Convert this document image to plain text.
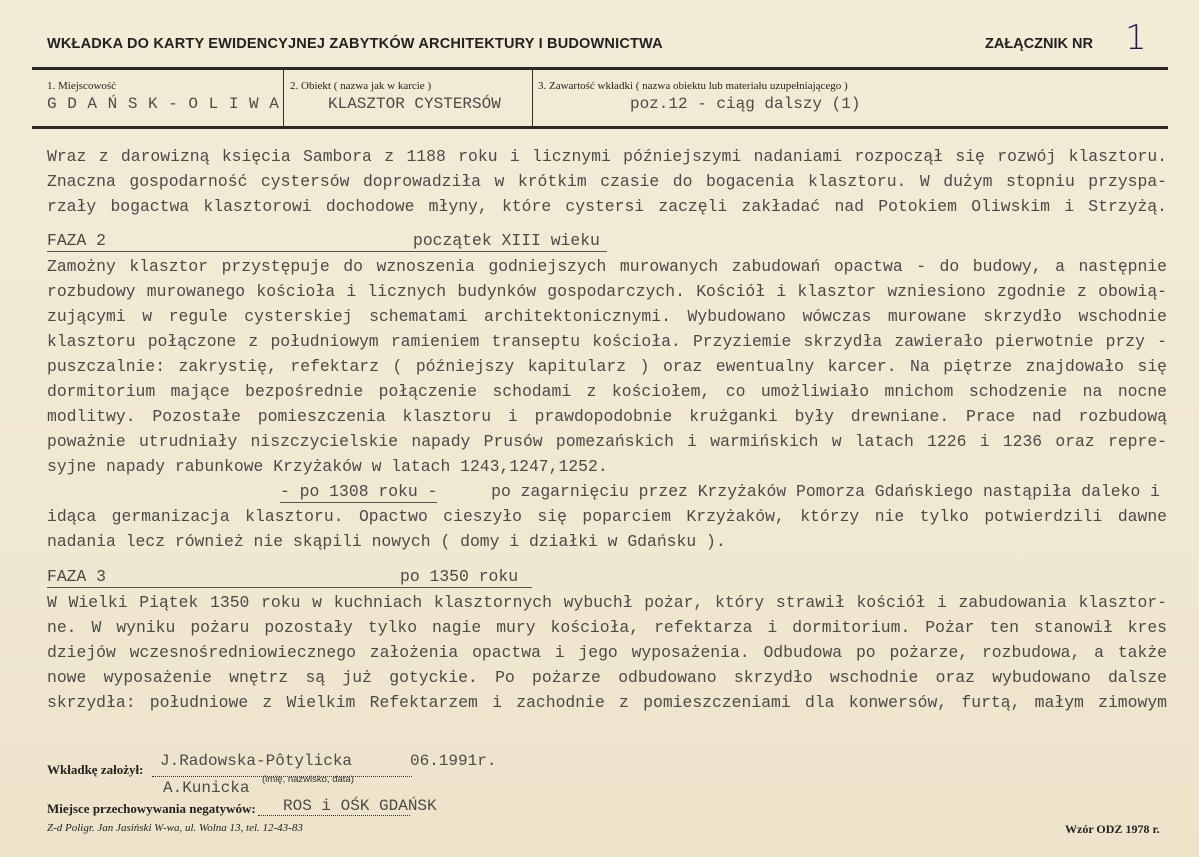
WKŁADKA DO KARTY EWIDENCYJNEJ ZABYTKÓW ARCHITEKTURY I BUDOWNICTWA	ZAŁĄCZNIK NR 1
1. Miejscowość
G D A Ń S K - O L I W A
2. Obiekt ( nazwa jak w karcie )
KLASZTOR CYSTERSÓW
3. Zawartość wkładki ( nazwa obiektu lub materiału uzupełniającego )
poz.12 - ciąg dalszy (1)
Wraz z darowizną księcia Sambora z 1188 roku i licznymi późniejszymi nadaniami rozpoczął się rozwój klasztoru.
Znaczna gospodarność cystersów doprowadziła w krótkim czasie do bogacenia klasztoru. W dużym stopniu przyspa-
rzały bogactwa klasztorowi dochodowe młyny, które cystersi zaczęli zakładać nad Potokiem Oliwskim i Strzyżą.
FAZA 2	początek XIII wieku

Zamożny klasztor przystępuje do wznoszenia godniejszych murowanych zabudowań opactwa - do budowy, a następnie
rozbudowy murowanego kościoła i licznych budynków gospodarczych. Kościół i klasztor wzniesiono zgodnie z obowią-
zującymi w regule cysterskiej schematami architektonicznymi. Wybudowano wówczas murowane skrzydło wschodnie
klasztoru połączone z południowym ramieniem transeptu kościoła. Przyziemie skrzydła zawierało pierwotnie przy -
puszczalnie: zakrystię, refektarz ( późniejszy kapitularz ) oraz ewentualny karcer. Na piętrze znajdowało się
dormitorium mające bezpośrednie połączenie schodami z kościołem, co umożliwiało mnichom schodzenie na nocne
modlitwy. Pozostałe pomieszczenia klasztoru i prawdopodobnie krużganki były drewniane. Prace nad rozbudową
poważnie utrudniały niszczycielskie napady Prusów pomezańskich i warmińskich w latach 1226 i 1236 oraz repre-
syjne napady rabunkowe Krzyżaków w latach 1243,1247,1252.
- po 1308 roku -	po zagarnięciu przez Krzyżaków Pomorza Gdańskiego nastąpiła daleko i
idąca germanizacja klasztoru. Opactwo cieszyło się poparciem Krzyżaków, którzy nie tylko potwierdzili dawne
nadania lecz również nie skąpili nowych ( domy i działki w Gdańsku ).
FAZA 3	po 1350 roku

W Wielki Piątek 1350 roku w kuchniach klasztornych wybuchł pożar, który strawił kościół i zabudowania klasztor-
ne. W wyniku pożaru pozostały tylko nagie mury kościoła, refektarza i dormitorium. Pożar ten stanowił kres
dziejów wczesnośredniowiecznego założenia opactwa i jego wyposażenia. Odbudowa po pożarze, rozbudowa, a także
nowe wyposażenie wnętrz są już gotyckie. Po pożarze odbudowano skrzydło wschodnie oraz wybudowano dalsze
skrzydła: południowe z Wielkim Refektarzem i zachodnie z pomieszczeniami dla konwersów, furtą, małym zimowym
Wkładkę założył: J.Radowska-Pôtylicka	06.1991r.
A.Kunicka (imię, nazwisko, data)
Miejsce przechowywania negatywów: ROS i OŚK GDAŃSK
Z-d Poligr. Jan Jasiński W-wa, ul. Wolna 13, tel. 12-43-83	Wzór ODZ 1978 r.
